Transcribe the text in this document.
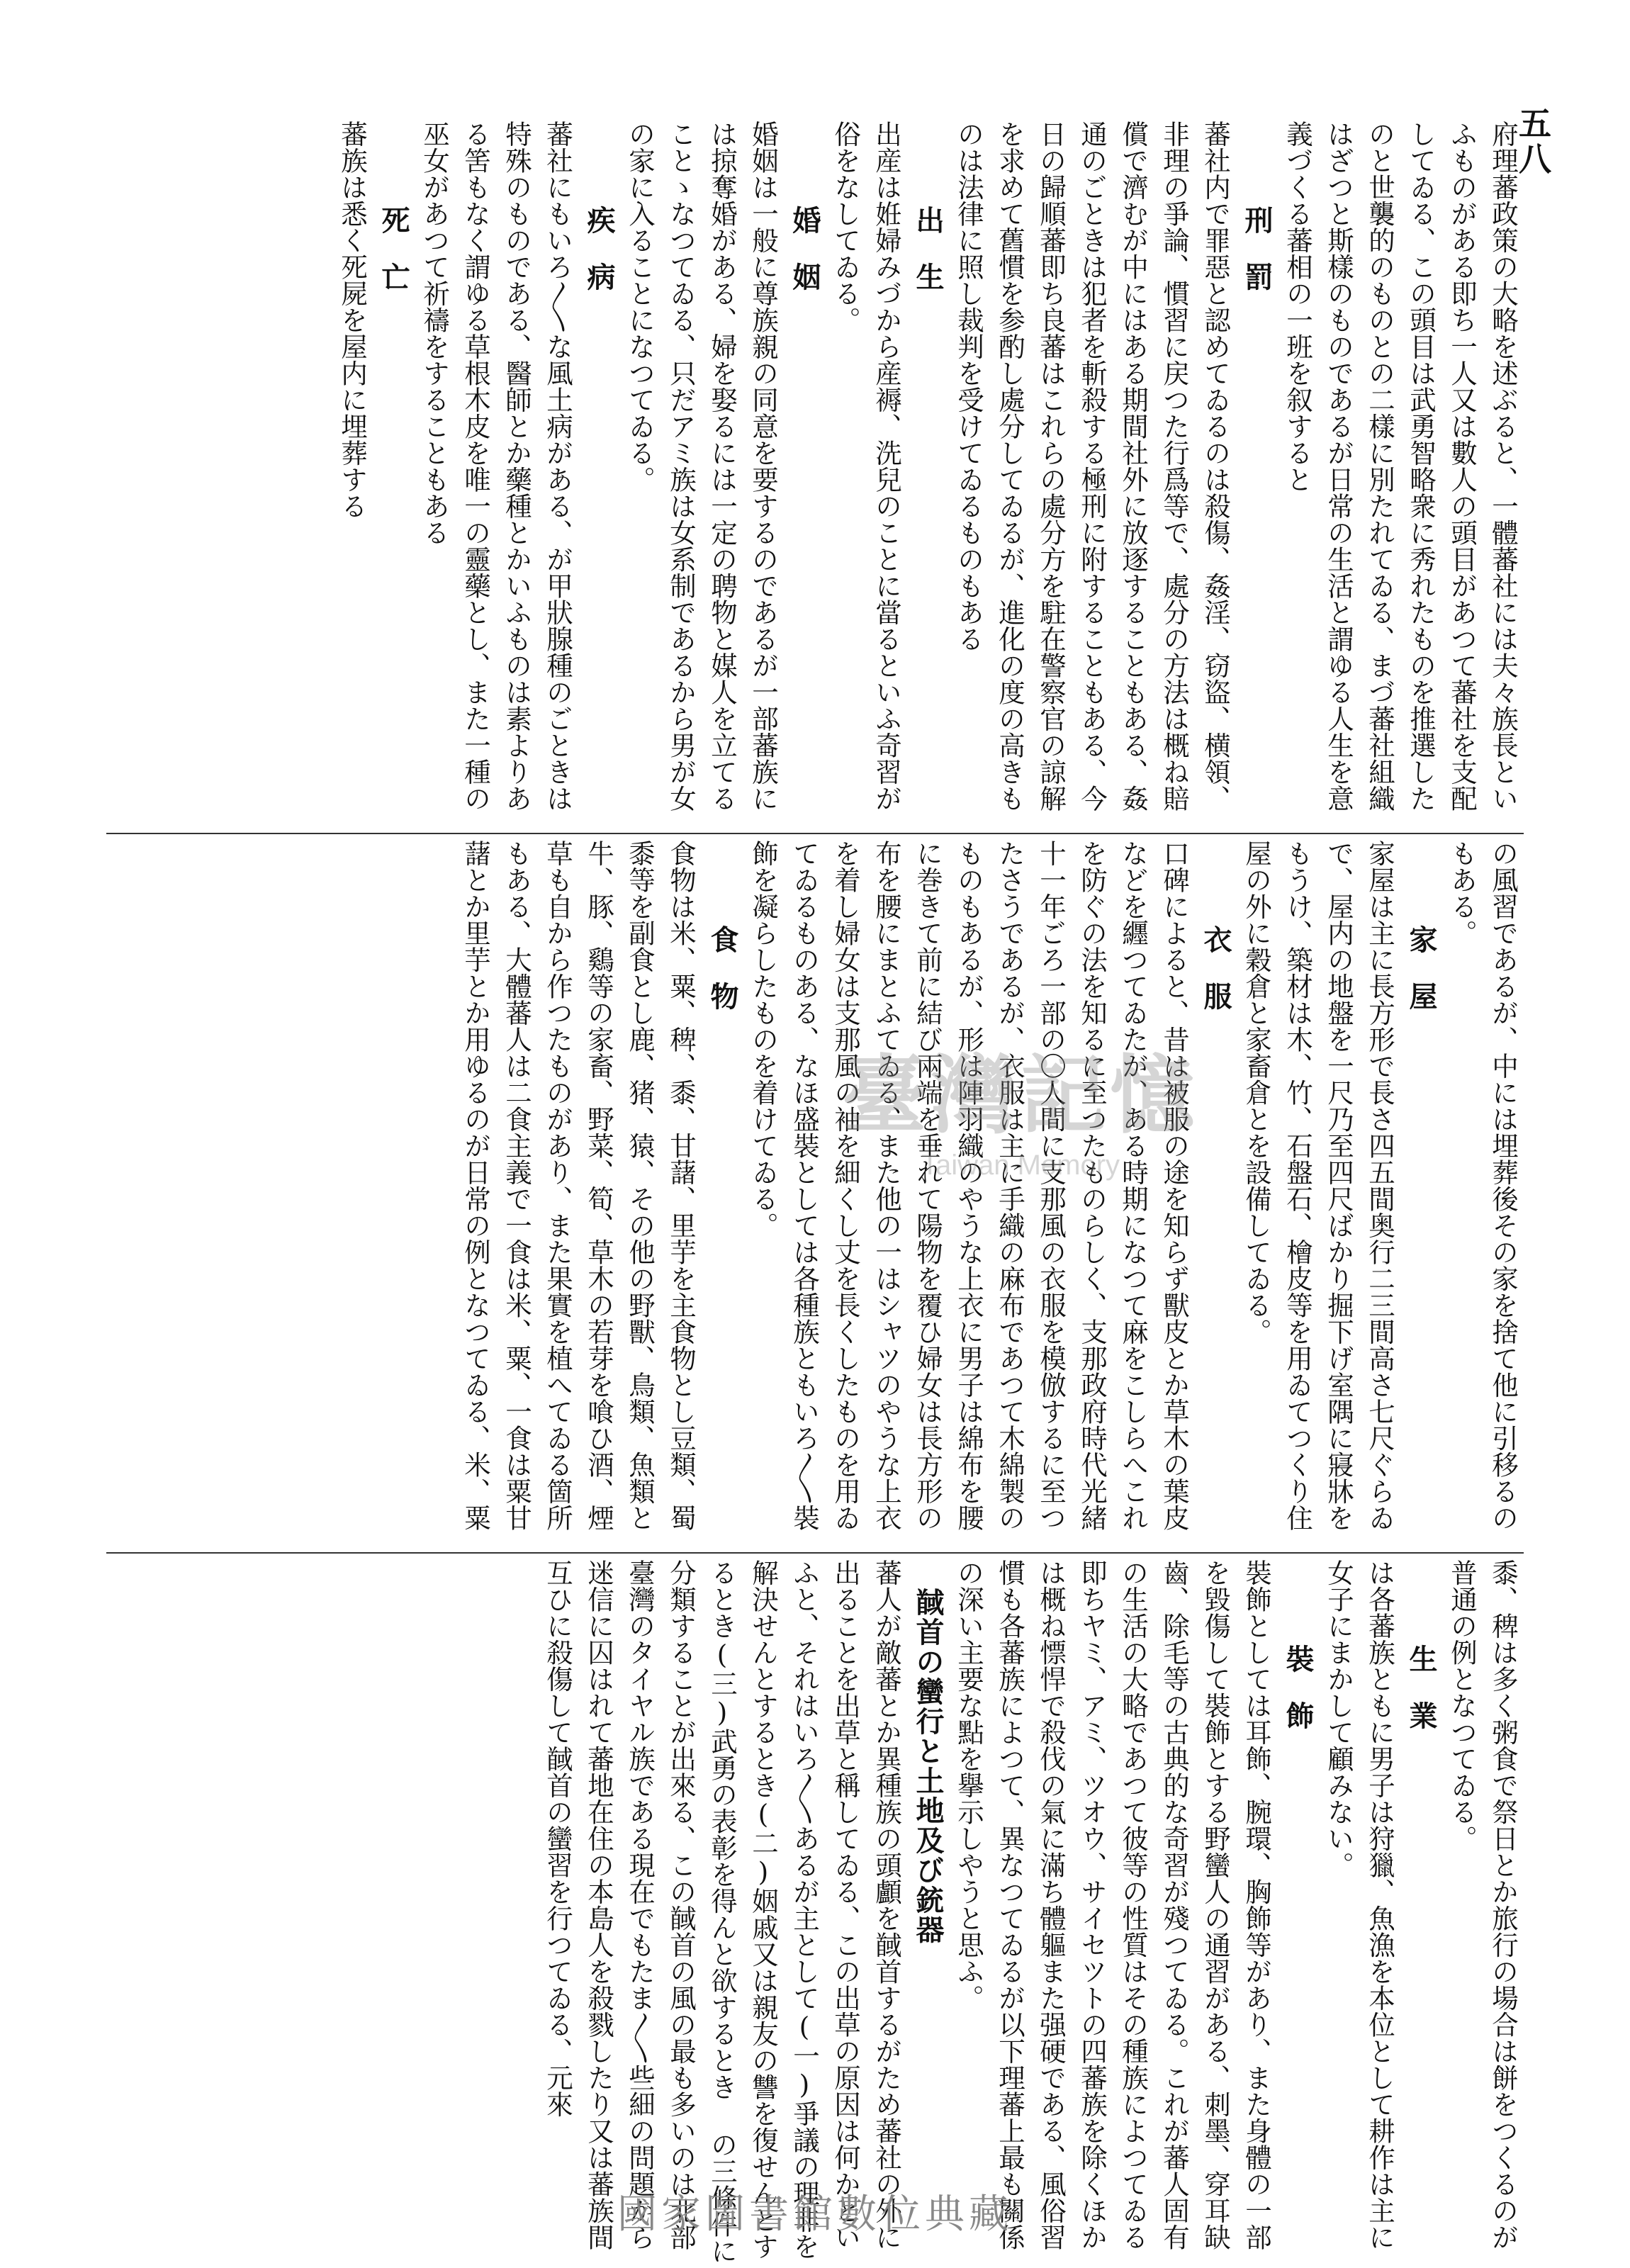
五八
府理蕃政策の大略を述ぶると、一體蕃社には夫々族長といふものがある即ち一人又は數人の頭目があつて蕃社を支配してゐる、この頭目は武勇智略衆に秀れたものを推選したのと世襲的のものとの二樣に別たれてゐる、まづ蕃社組織はざつと斯樣のものであるが日常の生活と謂ゆる人生を意義づくる蕃相の一班を叙すると
刑罰
蕃社内で罪惡と認めてゐるのは殺傷、姦淫、窃盜、横領、非理の爭論、慣習に戻つた行爲等で、處分の方法は概ね賠償で濟むが中にはある期間社外に放逐することもある、姦通のごときは犯者を斬殺する極刑に附することもある、今日の歸順蕃即ち良蕃はこれらの處分方を駐在警察官の諒解を求めて舊慣を参酌し處分してゐるが、進化の度の高きものは法律に照し裁判を受けてゐるものもある
出生
出産は姙婦みづから産褥、洗兒のことに當るといふ奇習が俗をなしてゐる。
婚姻
婚姻は一般に尊族親の同意を要するのであるが一部蕃族には掠奪婚がある、婦を娶るには一定の聘物と媒人を立てることゝなつてゐる、只だアミ族は女系制であるから男が女の家に入ることになつてゐる。
疾病
蕃社にもいろ〳〵な風土病がある、が甲狀腺種のごときは特殊のものである、醫師とか藥種とかいふものは素よりある筈もなく謂ゆる草根木皮を唯一の靈藥とし、また一種の巫女があつて祈禱をすることもある
死亡
蕃族は悉く死屍を屋内に埋葬する
の風習であるが、中には埋葬後その家を捨て他に引移るのもある。
家屋
家屋は主に長方形で長さ四五間奥行二三間高さ七尺ぐらゐで、屋内の地盤を一尺乃至四尺ばかり掘下げ室隅に寢牀をもうけ、築材は木、竹、石盤石、檜皮等を用ゐてつくり住屋の外に穀倉と家畜倉とを設備してゐる。
衣服
口碑によると、昔は被服の途を知らず獸皮とか草木の葉皮などを纒つてゐたが、ある時期になつて麻をこしらへこれを防ぐの法を知るに至つたものらしく、支那政府時代光緒十一年ごろ一部の〇人間に支那風の衣服を模倣するに至つたさうであるが、衣服は主に手織の麻布であつて木綿製のものもあるが、形は陣羽織のやうな上衣に男子は綿布を腰に巻きて前に結び兩端を垂れて陽物を覆ひ婦女は長方形の布を腰にまとふてゐる、また他の一はシャツのやうな上衣を着し婦女は支那風の袖を細くし丈を長くしたものを用ゐてゐるものある、なほ盛裝としては各種族ともいろ〳〵裝飾を凝らしたものを着けてゐる。
食物
食物は米、粟、稗、黍、甘藷、里芋を主食物とし豆類、蜀黍等を副食とし鹿、猪、猿、その他の野獸、鳥類、魚類と牛、豚、鷄等の家畜、野菜、筍、草木の若芽を喰ひ酒、煙草も自から作つたものがあり、また果實を植へてゐる箇所もある、大體蕃人は二食主義で一食は米、粟、一食は粟甘藷とか里芋とか用ゆるのが日常の例となつてゐる、米、粟
黍、稗は多く粥食で祭日とか旅行の場合は餅をつくるのが普通の例となつてゐる。
生業
は各蕃族ともに男子は狩獵、魚漁を本位として耕作は主に女子にまかして顧みない。
裝飾
裝飾としては耳飾、腕環、胸飾等があり、また身體の一部を毀傷して裝飾とする野蠻人の通習がある、刺墨、穿耳缺齒、除毛等の古典的な奇習が殘つてゐる。これが蕃人固有の生活の大略であつて彼等の性質はその種族によつてゐる即ちヤミ、アミ、ツオウ、サイセツトの四蕃族を除くほかは概ね慓悍で殺伐の氣に滿ち體軀また强硬である、風俗習慣も各蕃族によつて、異なつてゐるが以下理蕃上最も關係の深い主要な點を擧示しやうと思ふ。
馘首の蠻行と土地及び銃器
蕃人が敵蕃とか異種族の頭顱を馘首するがため蕃社の外に出ることを出草と稱してゐる、この出草の原因は何かといふと、それはいろ〳〵あるが主として(一)爭議の理非を解決せんとするとき(二)姻戚又は親友の讐を復せんとするとき(三)武勇の表彰を得んと欲するとき の三條件に分類することが出來る、この馘首の風の最も多いのは北部臺灣のタイヤル族である現在でもたま〳〵些細の問題から迷信に囚はれて蕃地在住の本島人を殺戮したり又は蕃族間互ひに殺傷して馘首の蠻習を行つてゐる、元來
臺灣記憶
Taiwan Memory
國家圖書館數位典藏
